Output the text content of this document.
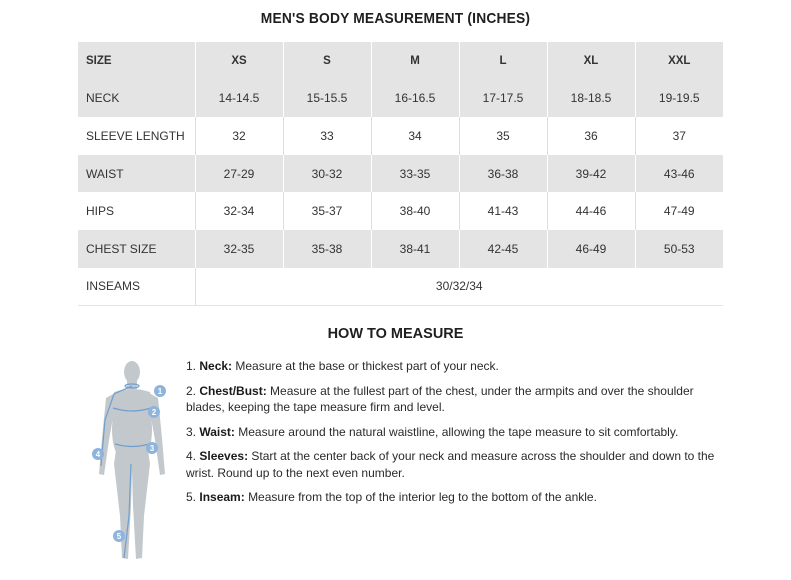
MEN'S BODY MEASUREMENT (INCHES)
SIZE	XS	S	M	L	XL	XXL
NECK	14-14.5	15-15.5	16-16.5	17-17.5	18-18.5	19-19.5
SLEEVE LENGTH	32	33	34	35	36	37
WAIST	27-29	30-32	33-35	36-38	39-42	43-46
HIPS	32-34	35-37	38-40	41-43	44-46	47-49
CHEST SIZE	32-35	35-38	38-41	42-45	46-49	50-53
INSEAMS	30/32/34					
HOW TO MEASURE
1
2
3
4
5
1. Neck: Measure at the base or thickest part of your neck.
2. Chest/Bust: Measure at the fullest part of the chest, under the armpits and over the shoulder blades, keeping the tape measure firm and level.
3. Waist: Measure around the natural waistline, allowing the tape measure to sit comfortably.
4. Sleeves: Start at the center back of your neck and measure across the shoulder and down to the wrist. Round up to the next even number.
5. Inseam: Measure from the top of the interior leg to the bottom of the ankle.
